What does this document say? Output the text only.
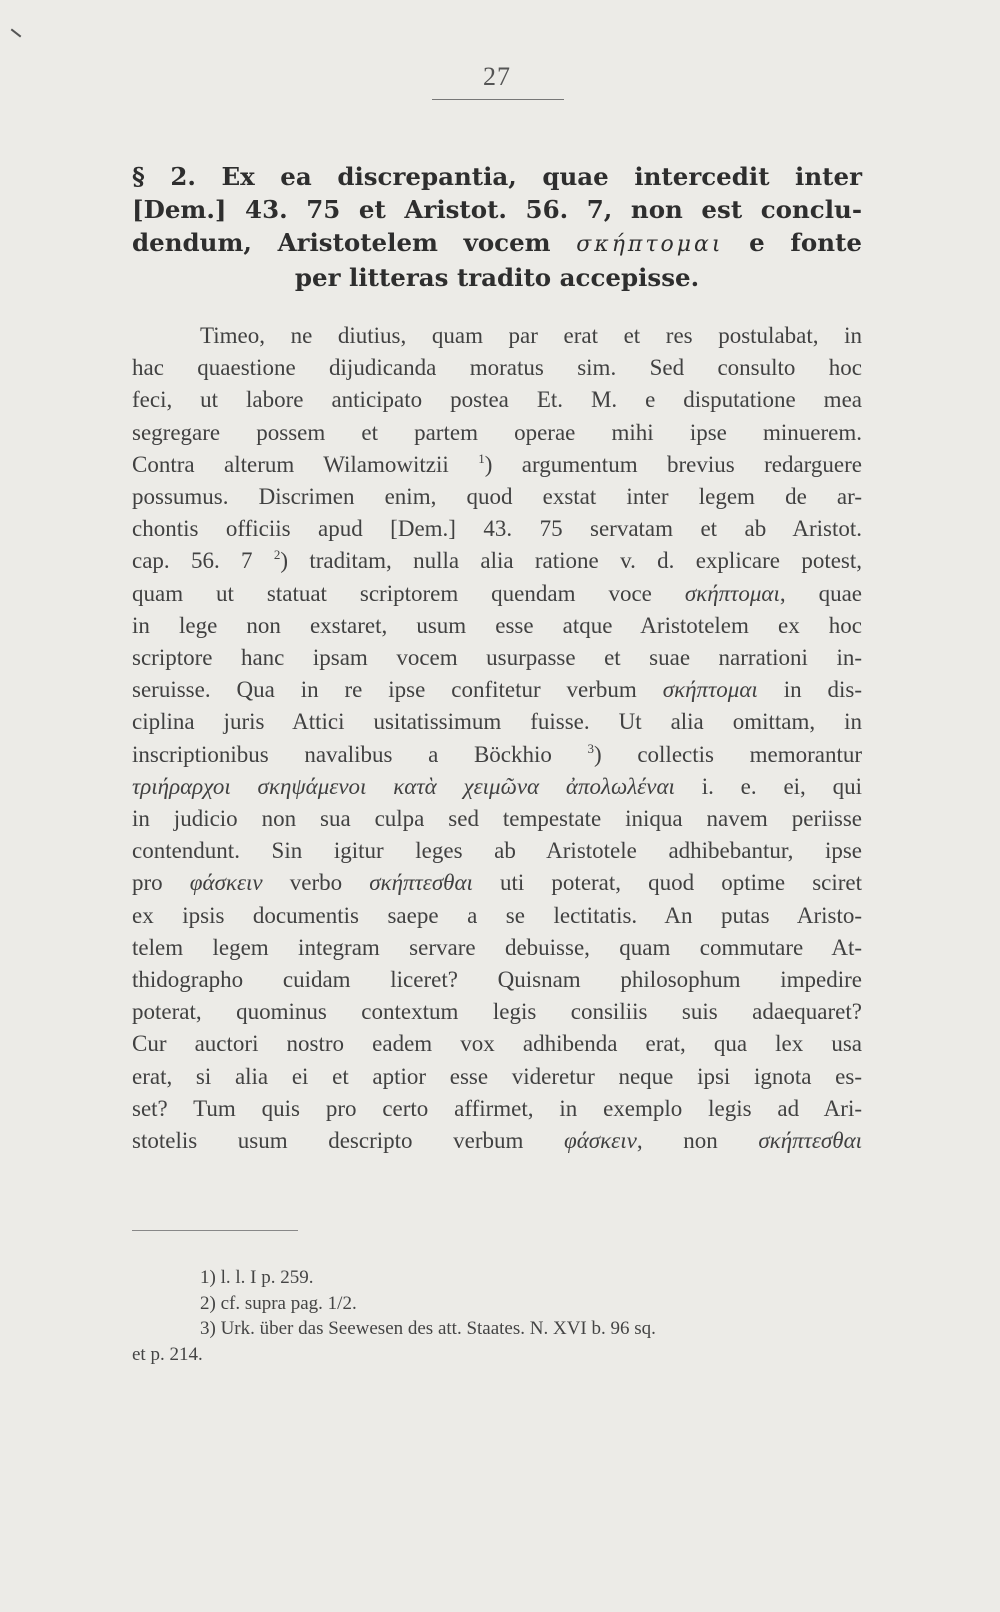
27
§ 2. Ex ea discrepantia, quae intercedit inter
[Dem.] 43. 75 et Aristot. 56. 7, non est conclu-
dendum, Aristotelem vocem σκήπτομαι e fonte
per litteras tradito accepisse.
Timeo, ne diutius, quam par erat et res postulabat, in
hac quaestione dijudicanda moratus sim. Sed consulto hoc
feci, ut labore anticipato postea Et. M. e disputatione mea
segregare possem et partem operae mihi ipse minuerem.
Contra alterum Wilamowitzii $^1$) argumentum brevius redarguere
possumus. Discrimen enim, quod exstat inter legem de ar-
chontis officiis apud [Dem.] 43. 75 servatam et ab Aristot.
cap. 56. 7 $^2$) traditam, nulla alia ratione v. d. explicare potest,
quam ut statuat scriptorem quendam voce σκήπτομαι, quae
in lege non exstaret, usum esse atque Aristotelem ex hoc
scriptore hanc ipsam vocem usurpasse et suae narrationi in-
seruisse. Qua in re ipse confitetur verbum σκήπτομαι in dis-
ciplina juris Attici usitatissimum fuisse. Ut alia omittam, in
inscriptionibus navalibus a Böckhio	$^3$) collectis memorantur
τριήραρχοι σκηψάμενοι κατὰ χειμῶνα ἀπολωλέναι i. e. ei, qui
in judicio non sua culpa sed tempestate iniqua navem periisse
contendunt. Sin igitur leges ab Aristotele adhibebantur, ipse
pro φάσκειν verbo σκήπτεσθαι uti poterat, quod optime sciret
ex ipsis documentis saepe a se lectitatis. An putas Aristo-
telem legem integram servare debuisse, quam commutare At-
thidographo cuidam liceret? Quisnam philosophum impedire
poterat, quominus contextum legis consiliis suis adaequaret?
Cur auctori nostro eadem vox adhibenda erat, qua lex usa
erat, si alia ei et aptior esse videretur neque ipsi ignota es-
set? Tum quis pro certo affirmet, in exemplo legis ad Ari-
stotelis usum descripto verbum φάσκειν, non σκήπτεσθαι
1) l. l. I p. 259.
2) cf. supra pag. 1/2.
3) Urk. über das Seewesen des att. Staates. N. XVI b. 96 sq.
et p. 214.
